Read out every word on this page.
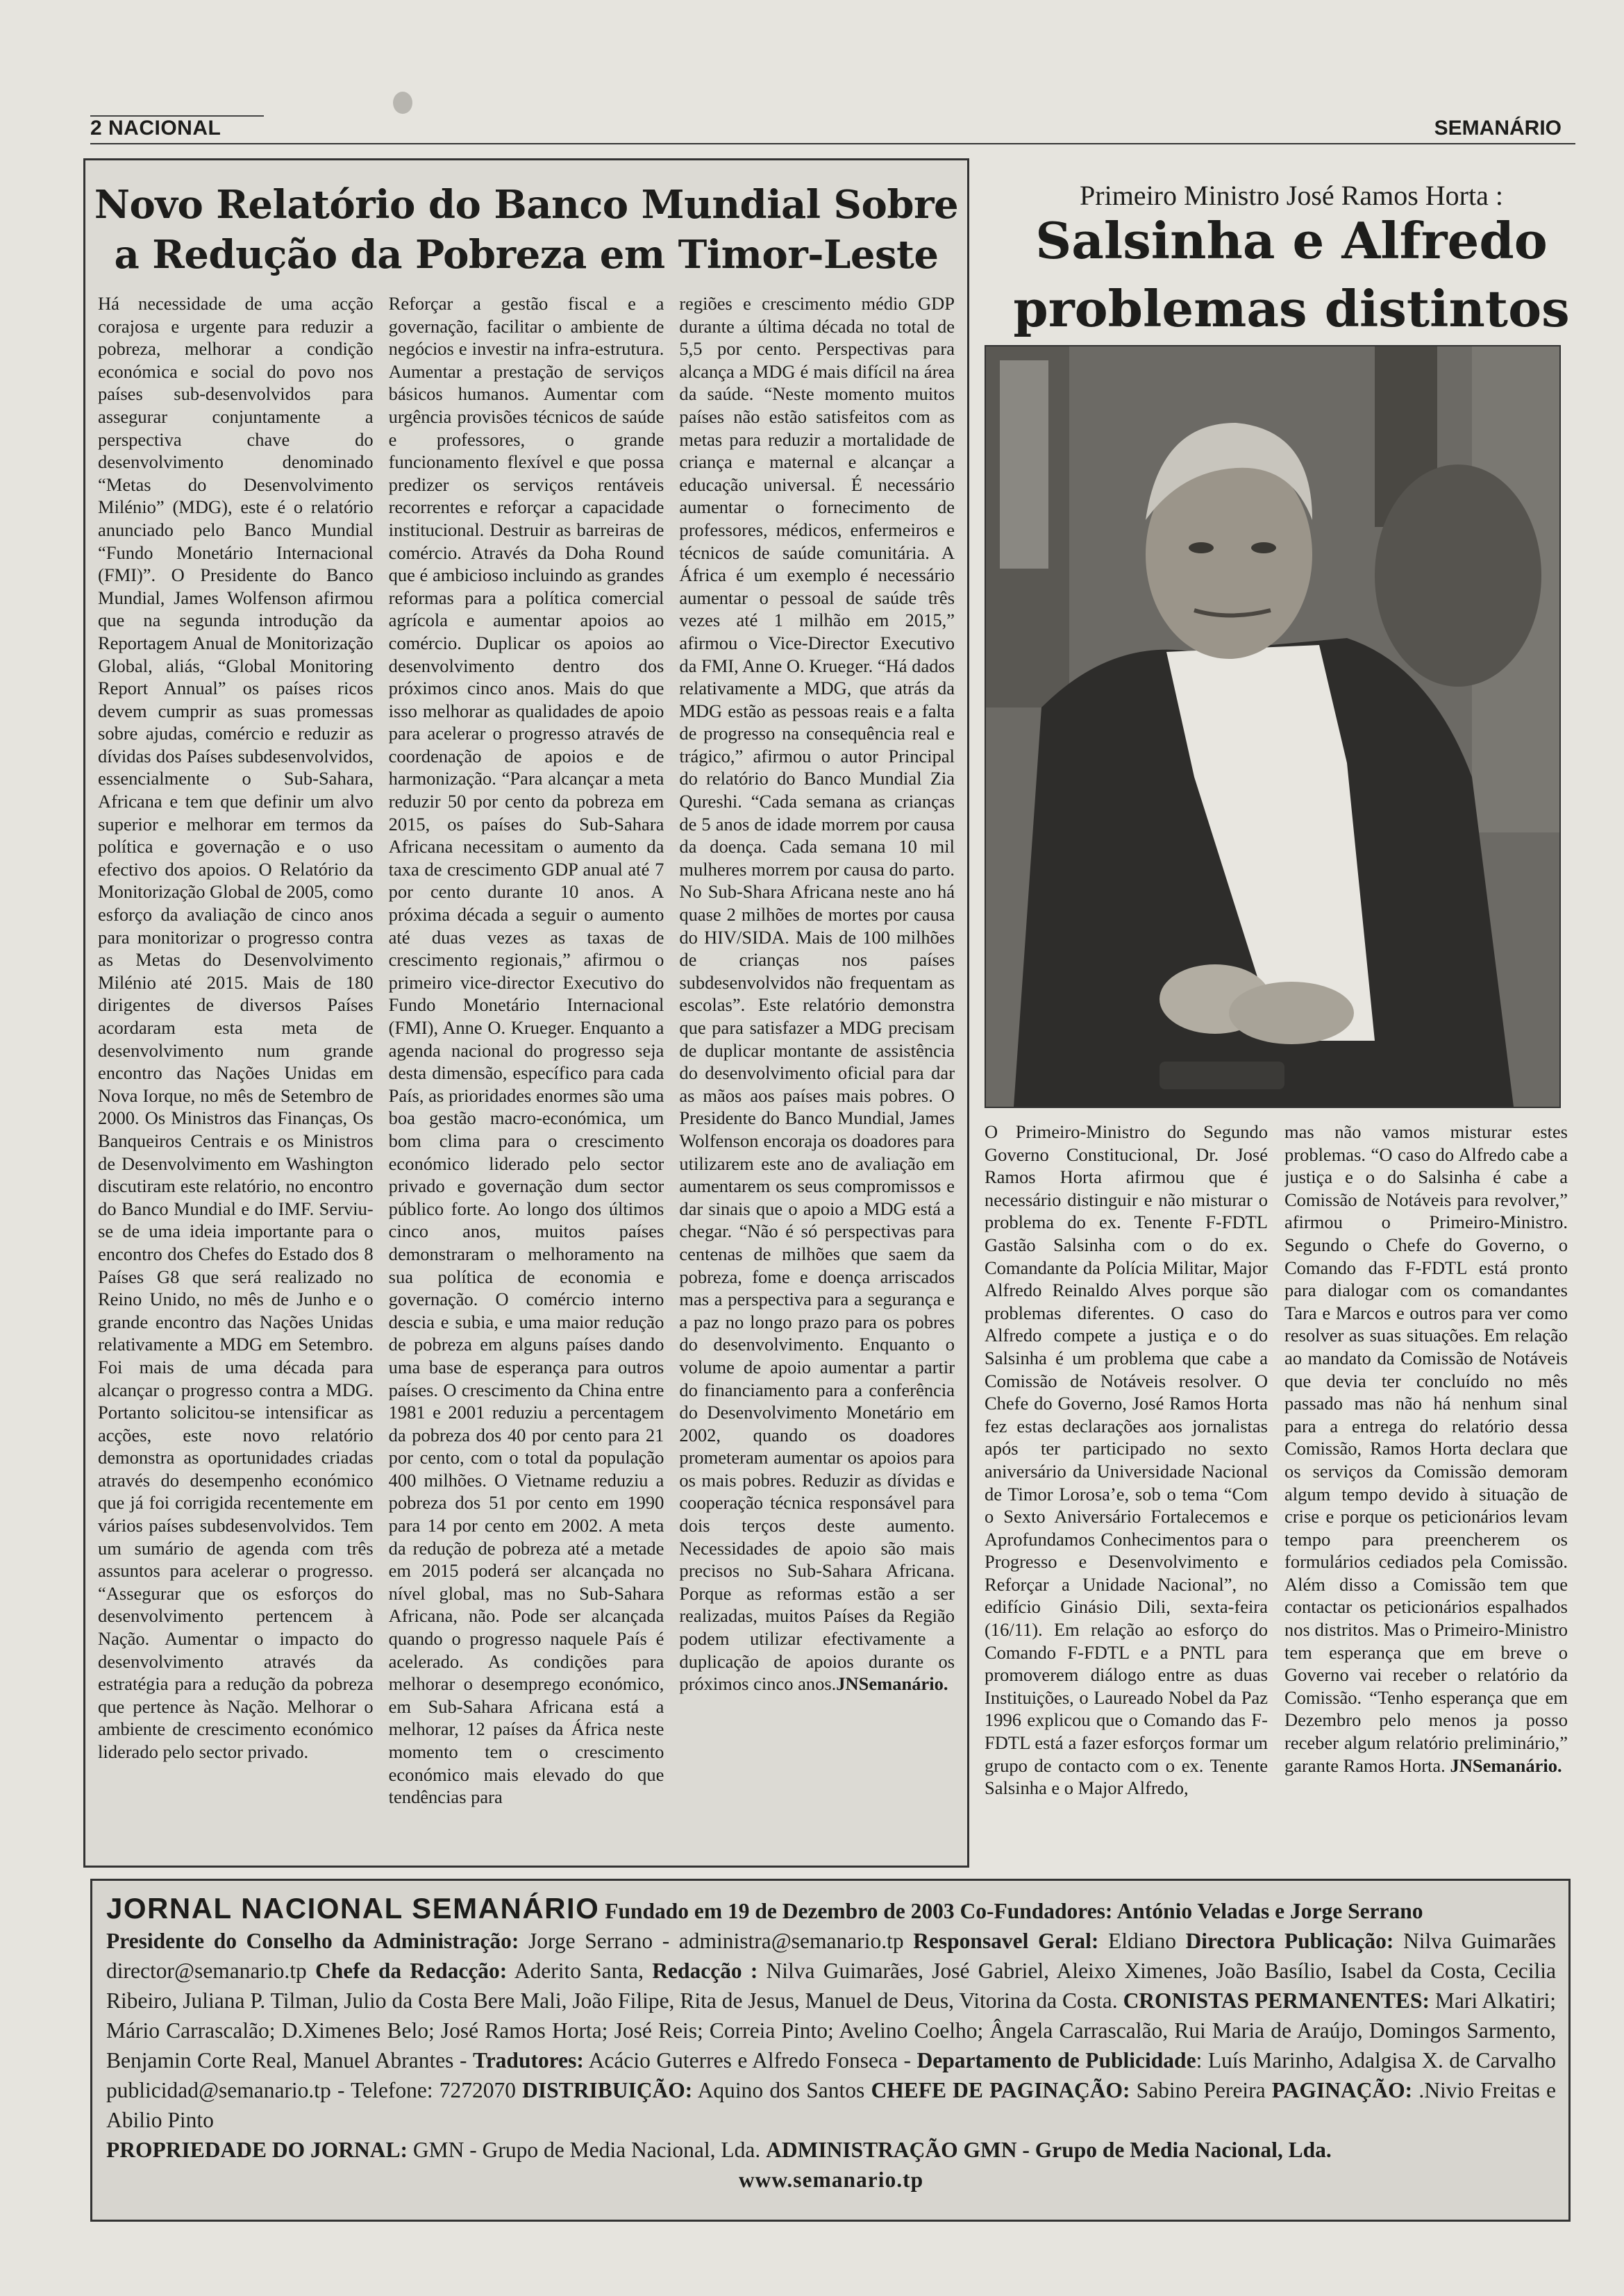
2 NACIONAL	SEMANÁRIO
Novo Relatório do Banco Mundial Sobre a Redução da Pobreza em Timor-Leste

Há necessidade de uma acção corajosa e urgente para reduzir a pobreza, melhorar a condição económica e social do povo nos países sub-desenvolvidos para assegurar conjuntamente a perspectiva chave do desenvolvimento denominado “Metas do Desenvolvimento Milénio” (MDG), este é o relatório anunciado pelo Banco Mundial “Fundo Monetário Internacional (FMI)”. O Presidente do Banco Mundial, James Wolfenson afirmou que na segunda introdução da Reportagem Anual de Monitorização Global, aliás, “Global Monitoring Report Annual” os países ricos devem cumprir as suas promessas sobre ajudas, comércio e reduzir as dívidas dos Países subdesenvolvidos, essencialmente o Sub-Sahara, Africana e tem que definir um alvo superior e melhorar em termos da política e governação e o uso efectivo dos apoios. O Relatório da Monitorização Global de 2005, como esforço da avaliação de cinco anos para monitorizar o progresso contra as Metas do Desenvolvimento Milénio até 2015. Mais de 180 dirigentes de diversos Países acordaram esta meta de desenvolvimento num grande encontro das Nações Unidas em Nova Iorque, no mês de Setembro de 2000. Os Ministros das Finanças, Os Banqueiros Centrais e os Ministros de Desenvolvimento em Washington discutiram este relatório, no encontro do Banco Mundial e do IMF. Serviu-se de uma ideia importante para o encontro dos Chefes do Estado dos 8 Países G8 que será realizado no Reino Unido, no mês de Junho e o grande encontro das Nações Unidas relativamente a MDG em Setembro. Foi mais de uma década para alcançar o progresso contra a MDG. Portanto solicitou-se intensificar as acções, este novo relatório demonstra as oportunidades criadas através do desempenho económico que já foi corrigida recentemente em vários países subdesenvolvidos. Tem um sumário de agenda com três assuntos para acelerar o progresso. “Assegurar que os esforços do desenvolvimento pertencem à Nação. Aumentar o impacto do desenvolvimento através da estratégia para a redução da pobreza que pertence às Nação. Melhorar o ambiente de crescimento económico liderado pelo sector privado.

Reforçar a gestão fiscal e a governação, facilitar o ambiente de negócios e investir na infra-estrutura. Aumentar a prestação de serviços básicos humanos. Aumentar com urgência provisões técnicos de saúde e professores, o grande funcionamento flexível e que possa predizer os serviços rentáveis recorrentes e reforçar a capacidade institucional. Destruir as barreiras de comércio. Através da Doha Round que é ambicioso incluindo as grandes reformas para a política comercial agrícola e aumentar apoios ao comércio. Duplicar os apoios ao desenvolvimento dentro dos próximos cinco anos. Mais do que isso melhorar as qualidades de apoio para acelerar o progresso através de coordenação de apoios e de harmonização. “Para alcançar a meta reduzir 50 por cento da pobreza em 2015, os países do Sub-Sahara Africana necessitam o aumento da taxa de crescimento GDP anual até 7 por cento durante 10 anos. A próxima década a seguir o aumento até duas vezes as taxas de crescimento regionais,” afirmou o primeiro vice-director Executivo do Fundo Monetário Internacional (FMI), Anne O. Krueger. Enquanto a agenda nacional do progresso seja desta dimensão, específico para cada País, as prioridades enormes são uma boa gestão macro-económica, um bom clima para o crescimento económico liderado pelo sector privado e governação dum sector público forte. Ao longo dos últimos cinco anos, muitos países demonstraram o melhoramento na sua política de economia e governação. O comércio interno descia e subia, e uma maior redução de pobreza em alguns países dando uma base de esperança para outros países. O crescimento da China entre 1981 e 2001 reduziu a percentagem da pobreza dos 40 por cento para 21 por cento, com o total da população 400 milhões. O Vietname reduziu a pobreza dos 51 por cento em 1990 para 14 por cento em 2002. A meta da redução de pobreza até a metade em 2015 poderá ser alcançada no nível global, mas no Sub-Sahara Africana, não. Pode ser alcançada quando o progresso naquele País é acelerado. As condições para melhorar o desemprego económico, em Sub-Sahara Africana está a melhorar, 12 países da África neste momento tem o crescimento económico mais elevado do que tendências para

regiões e crescimento médio GDP durante a última década no total de 5,5 por cento. Perspectivas para alcança a MDG é mais difícil na área da saúde. “Neste momento muitos países não estão satisfeitos com as metas para reduzir a mortalidade de criança e maternal e alcançar a educação universal. É necessário aumentar o fornecimento de professores, médicos, enfermeiros e técnicos de saúde comunitária. A África é um exemplo é necessário aumentar o pessoal de saúde três vezes até 1 milhão em 2015,” afirmou o Vice-Director Executivo da FMI, Anne O. Krueger. “Há dados relativamente a MDG, que atrás da MDG estão as pessoas reais e a falta de progresso na consequência real e trágico,” afirmou o autor Principal do relatório do Banco Mundial Zia Qureshi. “Cada semana as crianças de 5 anos de idade morrem por causa da doença. Cada semana 10 mil mulheres morrem por causa do parto. No Sub-Shara Africana neste ano há quase 2 milhões de mortes por causa do HIV/SIDA. Mais de 100 milhões de crianças nos países subdesenvolvidos não frequentam as escolas”. Este relatório demonstra que para satisfazer a MDG precisam de duplicar montante de assistência do desenvolvimento oficial para dar as mãos aos países mais pobres. O Presidente do Banco Mundial, James Wolfenson encoraja os doadores para utilizarem este ano de avaliação em aumentarem os seus compromissos e dar sinais que o apoio a MDG está a chegar. “Não é só perspectivas para centenas de milhões que saem da pobreza, fome e doença arriscados mas a perspectiva para a segurança e a paz no longo prazo para os pobres do desenvolvimento. Enquanto o volume de apoio aumentar a partir do financiamento para a conferência do Desenvolvimento Monetário em 2002, quando os doadores prometeram aumentar os apoios para os mais pobres. Reduzir as dívidas e cooperação técnica responsável para dois terços deste aumento. Necessidades de apoio são mais precisos no Sub-Sahara Africana. Porque as reformas estão a ser realizadas, muitos Países da Região podem utilizar efectivamente a duplicação de apoios durante os próximos cinco anos.JNSemanário.

Primeiro Ministro José Ramos Horta :
Salsinha e Alfredo problemas distintos

O Primeiro-Ministro do Segundo Governo Constitucional, Dr. José Ramos Horta afirmou que é necessário distinguir e não misturar o problema do ex. Tenente F-FDTL Gastão Salsinha com o do ex. Comandante da Polícia Militar, Major Alfredo Reinaldo Alves porque são problemas diferentes. O caso do Alfredo compete a justiça e o do Salsinha é um problema que cabe a Comissão de Notáveis resolver. O Chefe do Governo, José Ramos Horta fez estas declarações aos jornalistas após ter participado no sexto aniversário da Universidade Nacional de Timor Lorosa’e, sob o tema “Com o Sexto Aniversário Fortalecemos e Aprofundamos Conhecimentos para o Progresso e Desenvolvimento e Reforçar a Unidade Nacional”, no edifício Ginásio Dili, sexta-feira (16/11). Em relação ao esforço do Comando F-FDTL e a PNTL para promoverem diálogo entre as duas Instituições, o Laureado Nobel da Paz 1996 explicou que o Comando das F-FDTL está a fazer esforços formar um grupo de contacto com o ex. Tenente Salsinha e o Major Alfredo,

mas não vamos misturar estes problemas. “O caso do Alfredo cabe a justiça e o do Salsinha é cabe a Comissão de Notáveis para revolver,” afirmou o Primeiro-Ministro. Segundo o Chefe do Governo, o Comando das F-FDTL está pronto para dialogar com os comandantes Tara e Marcos e outros para ver como resolver as suas situações. Em relação ao mandato da Comissão de Notáveis que devia ter concluído no mês passado mas não há nenhum sinal para a entrega do relatório dessa Comissão, Ramos Horta declara que os serviços da Comissão demoram algum tempo devido à situação de crise e porque os peticionários levam tempo para preencherem os formulários cediados pela Comissão. Além disso a Comissão tem que contactar os peticionários espalhados nos distritos. Mas o Primeiro-Ministro tem esperança que em breve o Governo vai receber o relatório da Comissão. “Tenho esperança que em Dezembro pelo menos ja posso receber algum relatório preliminário,” garante Ramos Horta. JNSemanário.

JORNAL NACIONAL SEMANÁRIO Fundado em 19 de Dezembro de 2003 Co-Fundadores: António Veladas e Jorge Serrano
Presidente do Conselho da Administração: Jorge Serrano - administra@semanario.tp Responsavel Geral: Eldiano Directora Publicação: Nilva Guimarães director@semanario.tp Chefe da Redacção: Aderito Santa, Redacção : Nilva Guimarães, José Gabriel, Aleixo Ximenes, João Basílio, Isabel da Costa, Cecilia Ribeiro, Juliana P. Tilman, Julio da Costa Bere Mali, João Filipe, Rita de Jesus, Manuel de Deus, Vitorina da Costa. CRONISTAS PERMANENTES: Mari Alkatiri; Mário Carrascalão; D.Ximenes Belo; José Ramos Horta; José Reis; Correia Pinto; Avelino Coelho; Ângela Carrascalão, Rui Maria de Araújo, Domingos Sarmento, Benjamin Corte Real, Manuel Abrantes - Tradutores: Acácio Guterres e Alfredo Fonseca - Departamento de Publicidade: Luís Marinho, Adalgisa X. de Carvalho publicidad@semanario.tp - Telefone: 7272070 DISTRIBUIÇÃO: Aquino dos Santos CHEFE DE PAGINAÇÃO: Sabino Pereira PAGINAÇÃO: .Nivio Freitas e Abilio Pinto
PROPRIEDADE DO JORNAL: GMN - Grupo de Media Nacional, Lda. ADMINISTRAÇÃO GMN - Grupo de Media Nacional, Lda.
www.semanario.tp
